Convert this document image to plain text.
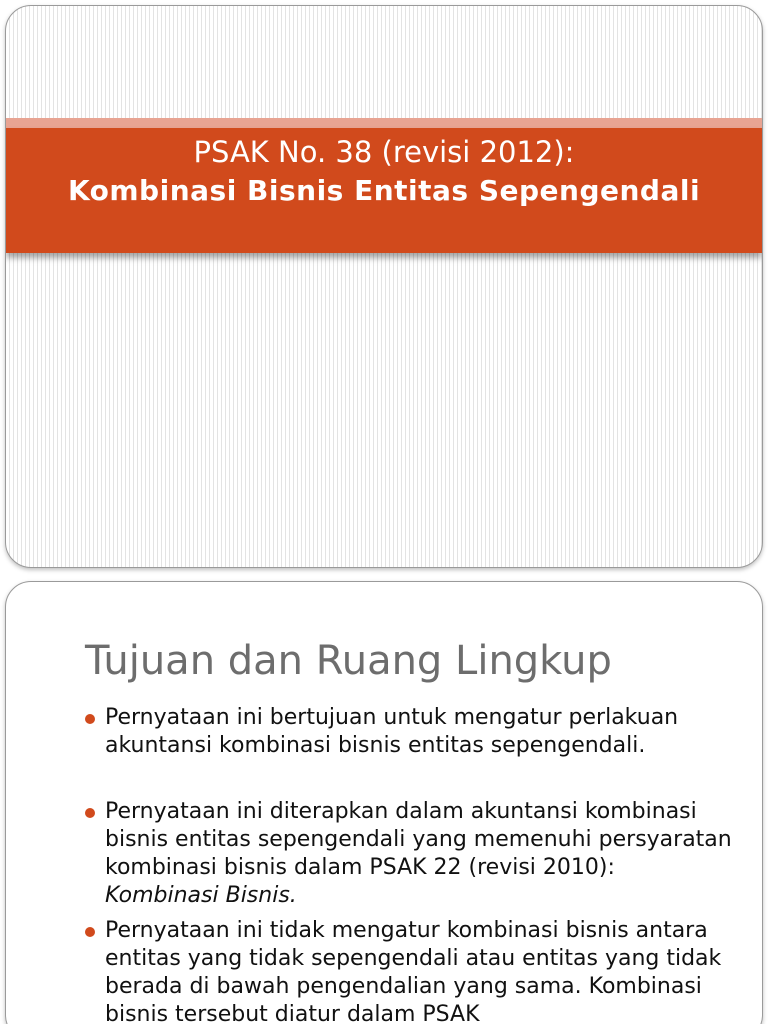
PSAK No. 38 (revisi 2012):
Kombinasi Bisnis Entitas Sepengendali
Tujuan dan Ruang Lingkup
Pernyataan ini bertujuan untuk mengatur perlakuan akuntansi kombinasi bisnis entitas sepengendali.
Pernyataan ini diterapkan dalam akuntansi kombinasi bisnis entitas sepengendali yang memenuhi persyaratan kombinasi bisnis dalam PSAK 22 (revisi 2010): Kombinasi Bisnis.
Pernyataan ini tidak mengatur kombinasi bisnis antara entitas yang tidak sepengendali atau entitas yang tidak berada di bawah pengendalian yang sama. Kombinasi bisnis tersebut diatur dalam PSAK
